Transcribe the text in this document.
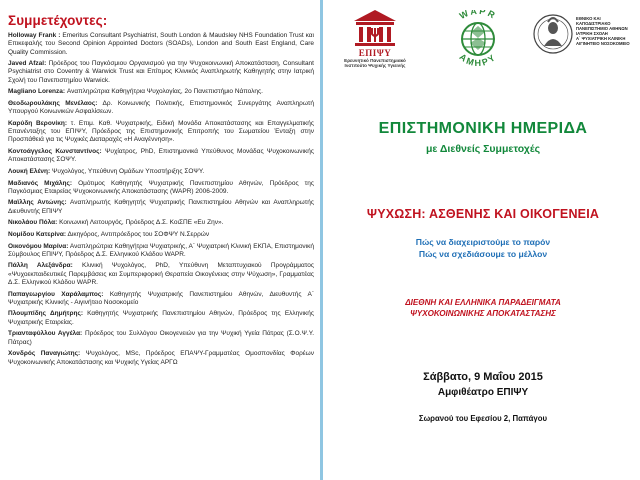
Συμμετέχοντες:
Holloway Frank : Emeritus Consultant Psychiatrist, South London & Maudsley NHS Foundation Trust και Επικεφαλής του Second Opinion Appointed Doctors (SOADs), London and South East England, Care Quality Commission.
Javed Afzal: Πρόεδρος του Παγκόσμιου Οργανισμού για την Ψυχοκοινωνική Αποκατάσταση, Consultant Psychiatrist στο Coventry & Warwick Trust και Επίτιμος Κλινικός Αναπληρωτής Καθηγητής στην Ιατρική Σχολή του Πανεπιστημίου Warwick.
Magliano Lorenza: Αναπληρώτρια Καθηγήτρια Ψυχολογίας, 2ο Πανεπιστήμιο Νάπολης.
Θεοδωρουλάκης Μενέλαος: Δρ. Κοινωνικής Πολιτικής, Επιστημονικός Συνεργάτης Αναπληρωτή Υπουργού Κοινωνικών Ασφαλίσεων.
Καρύδη Βερονίκη: τ. Επιμ. Καθ. Ψυχιατρικής, Ειδική Μονάδα Αποκατάστασης και Επαγγελματικής Επανένταξης του ΕΠΙΨΥ, Πρόεδρος της Επιστημονικής Επιτροπής του Σωματείου Ένταξη στην Προσπάθειά για τις Ψυχικές Διαταραχές «Η Αναγέννηση».
Κοντοάγγελος Κωνσταντίνος: Ψυχίατρος, PhD, Επιστημονικά Υπεύθυνος Μονάδας Ψυχοκοινωνικής Αποκατάστασης ΣΟΨΥ.
Λουκή Ελένη: Ψυχολόγος, Υπεύθυνη Ομάδων Υποστήριξης ΣΟΨΥ.
Μαδιανός Μιχάλης: Ομότιμος Καθηγητής Ψυχιατρικής Πανεπιστημίου Αθηνών, Πρόεδρος της Παγκόσμιας Εταιρείας Ψυχοκοινωνικής Αποκατάστασης (WAPR) 2006-2009.
Μαϊλλης Αντώνης: Αναπληρωτής Καθηγητής Ψυχιατρικής Πανεπιστημίου Αθηνών και Αναπληρωτής Διευθυντής ΕΠΙΨΥ
Νικολάου Πόλα: Κοινωνική Λειτουργός, Πρόεδρος Δ.Σ. ΚοιΣΠΕ «Ευ Ζην».
Νομίδου Κατερίνα: Δικηγόρος, Αντιπρόεδρος του ΣΟΦΨΥ Ν.Σερρών
Οικονόμου Μαρίνα: Αναπληρώτρια Καθηγήτρια Ψυχιατρικής, Α΄ Ψυχιατρική Κλινική ΕΚΠΑ, Επιστημονική Σύμβουλος ΕΠΙΨΥ, Πρόεδρος Δ.Σ. Ελληνικού Κλάδου WAPR.
Πάλλη Αλεξάνδρα: Κλινική Ψυχολόγος, PhD, Υπεύθυνη Μεταπτυχιακού Προγράμματος «Ψυχοεκπαιδευτικές Παρεμβάσεις και Συμπεριφορική Θεραπεία Οικογένειας στην Ψύχωση», Γραμματέας Δ.Σ. Ελληνικού Κλάδου WAPR.
Παπαγεωργίου Χαράλαμπος: Καθηγητής Ψυχιατρικής Πανεπιστημίου Αθηνών, Διευθυντής Α΄ Ψυχιατρικής Κλινικής - Αιγινήτειο Νοσοκομείο
Πλουμπίδης Δημήτρης: Καθηγητής Ψυχιατρικής Πανεπιστημίου Αθηνών, Πρόεδρος της Ελληνικής Ψυχιατρικής Εταιρείας.
Τριανταφύλλου Αγγέλα: Πρόεδρος του Συλλόγου Οικογενειών για την Ψυχική Υγεία Πάτρας (Σ.Ο.Ψ.Υ. Πάτρας)
Χονδρός Παναγιώτης: Ψυχολόγος, MSc, Πρόεδρος ΕΠΑΨΥ-Γραμματέας Ομοσπονδίας Φορέων Ψυχοκοινωνικής Αποκατάστασης και Ψυχικής Υγείας ΑΡΓΩ
ΕΠΙΨΥ
Ερευνητικό Πανεπιστημιακό
Ινστιτούτο Ψυχικής Υγιεινής
WAPR
AMHPY
ΕΘΝΙΚΟ ΚΑΙ
ΚΑΠΟΔΙΣΤΡΙΑΚΟ
ΠΑΝΕΠΙΣΤΗΜΙΟ ΑΘΗΝΩΝ
ΙΑΤΡΙΚΗ ΣΧΟΛΗ
Α΄ ΨΥΧΙΑΤΡΙΚΗ ΚΛΙΝΙΚΗ
ΑΙΓΙΝΗΤΕΙΟ ΝΟΣΟΚΟΜΕΙΟ
ΕΠΙΣΤΗΜΟΝΙΚΗ ΗΜΕΡΙΔΑ
με Διεθνείς Συμμετοχές
ΨΥΧΩΣΗ: ΑΣΘΕΝΗΣ ΚΑΙ ΟΙΚΟΓΕΝΕΙΑ
Πώς να διαχειριστούμε το παρόν
Πώς να σχεδιάσουμε το μέλλον
ΔΙΕΘΝΗ ΚΑΙ ΕΛΛΗΝΙΚΑ ΠΑΡΑΔΕΙΓΜΑΤΑ
ΨΥΧΟΚΟΙΝΩΝΙΚΗΣ ΑΠΟΚΑΤΑΣΤΑΣΗΣ
Σάββατο, 9 Μαΐου 2015
Αμφιθέατρο ΕΠΙΨΥ
Σωρανού του Εφεσίου 2, Παπάγου
